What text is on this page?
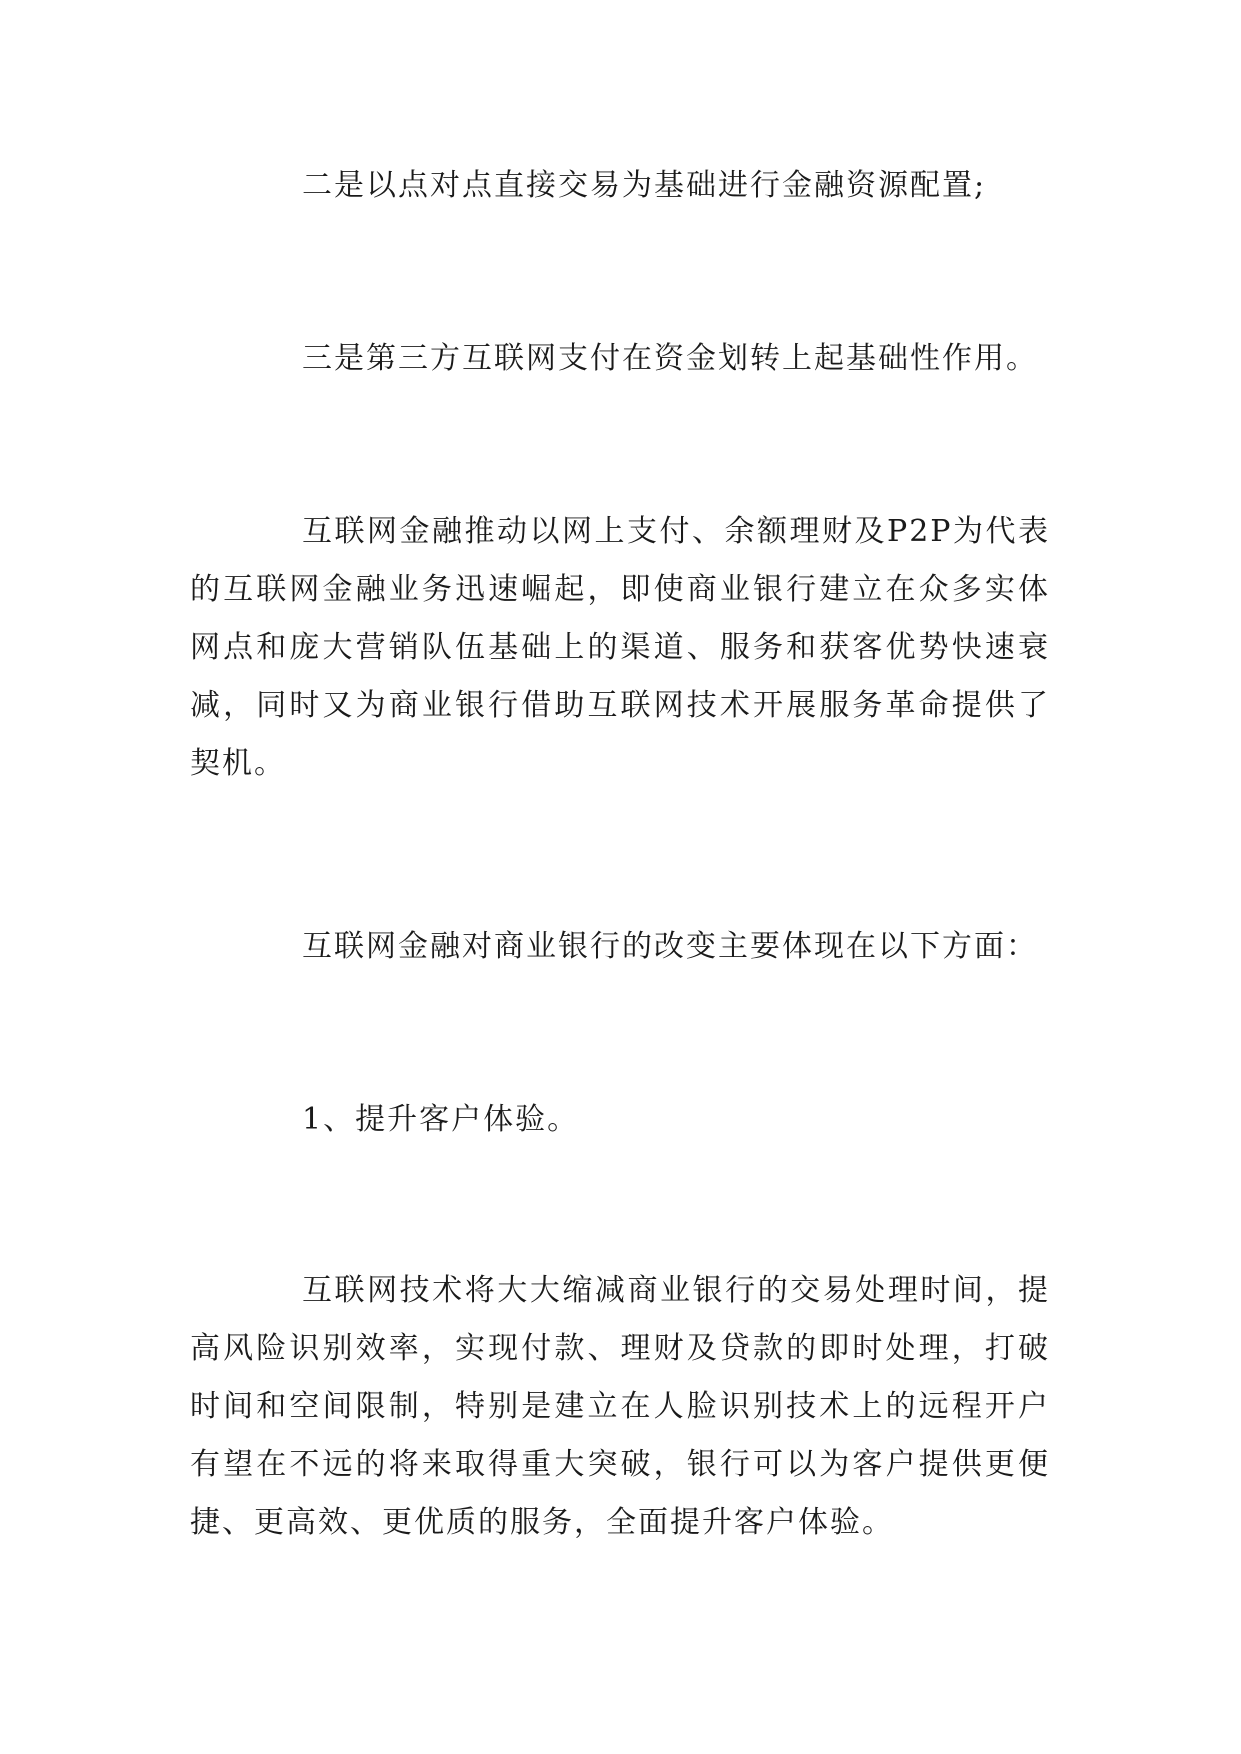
二是以点对点直接交易为基础进行金融资源配置;

三是第三方互联网支付在资金划转上起基础性作用。

互联网金融推动以网上支付、余额理财及P2P为代表的互联网金融业务迅速崛起，即使商业银行建立在众多实体网点和庞大营销队伍基础上的渠道、服务和获客优势快速衰减，同时又为商业银行借助互联网技术开展服务革命提供了契机。

互联网金融对商业银行的改变主要体现在以下方面：

1、提升客户体验。

互联网技术将大大缩减商业银行的交易处理时间，提高风险识别效率，实现付款、理财及贷款的即时处理，打破时间和空间限制，特别是建立在人脸识别技术上的远程开户有望在不远的将来取得重大突破，银行可以为客户提供更便捷、更高效、更优质的服务，全面提升客户体验。
